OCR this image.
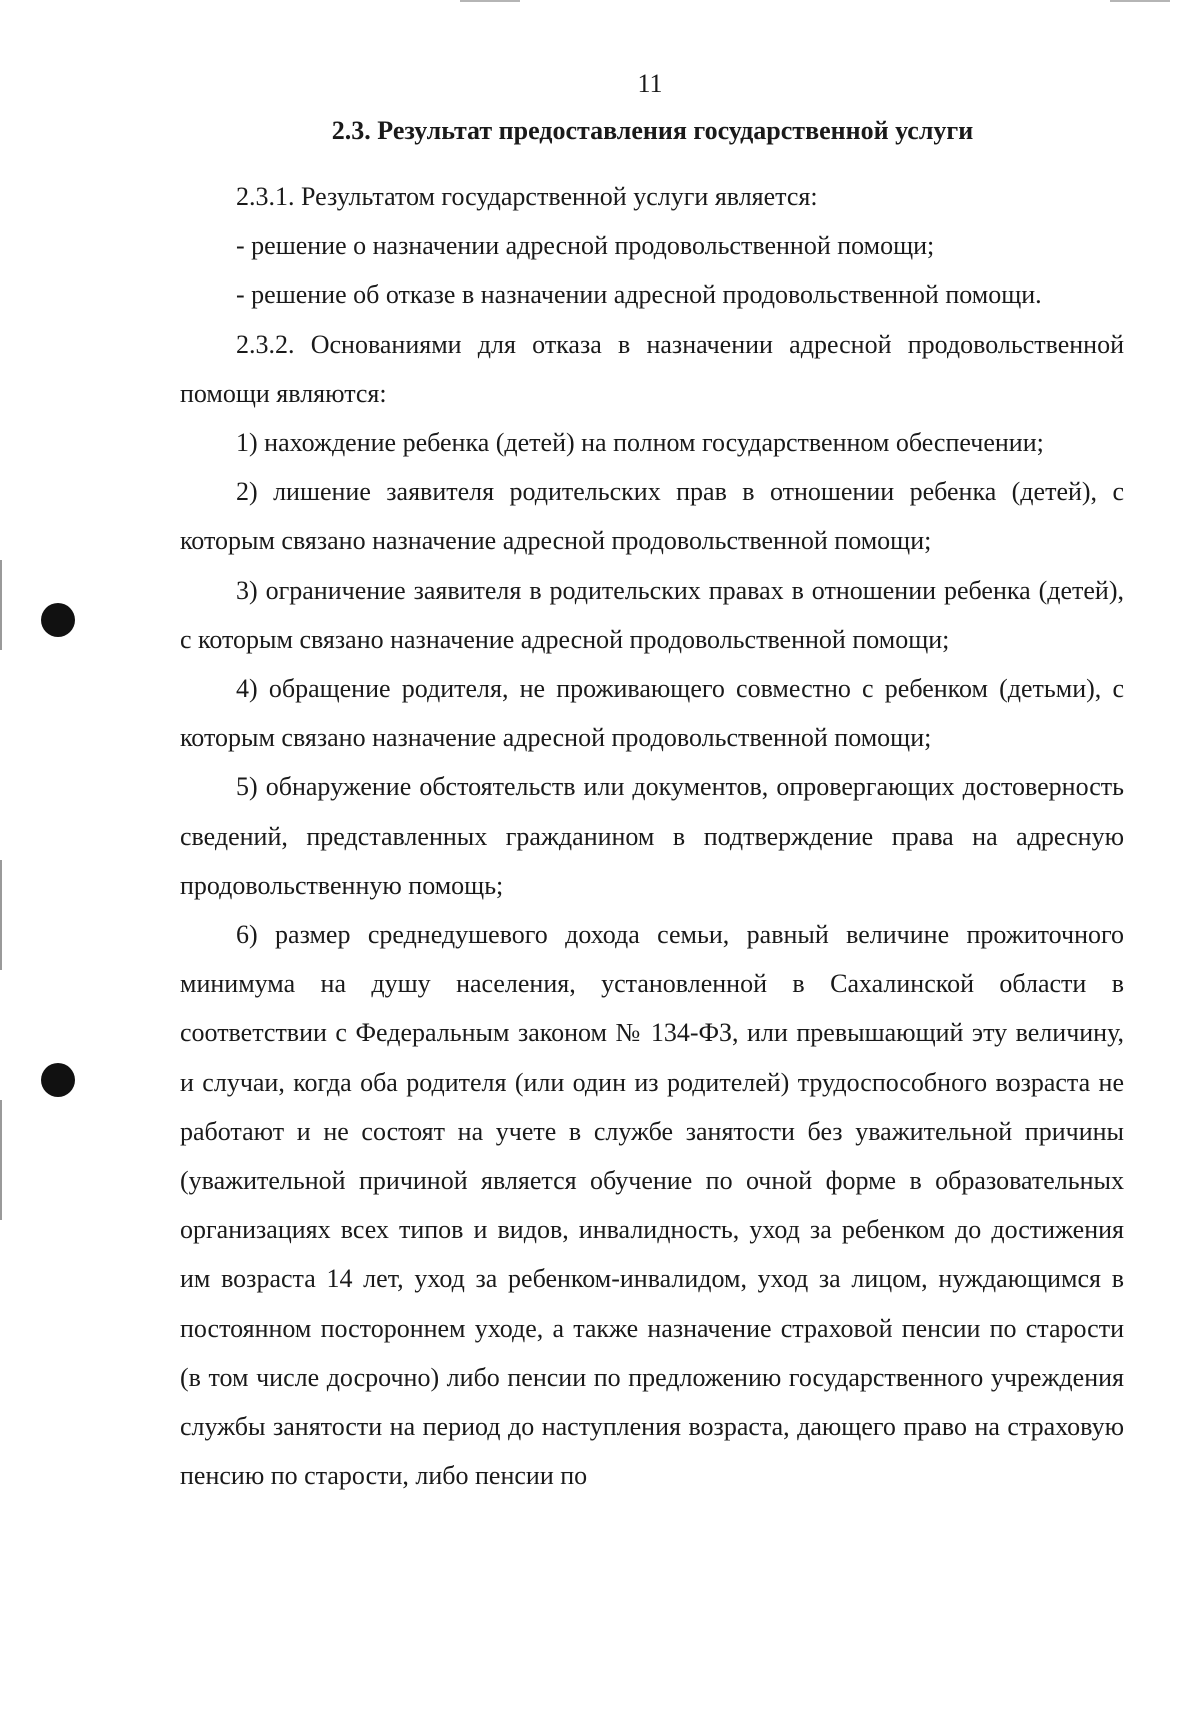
11
2.3. Результат предоставления государственной услуги

2.3.1. Результатом государственной услуги является:

- решение о назначении адресной продовольственной помощи;

- решение об отказе в назначении адресной продовольственной помощи.

2.3.2. Основаниями для отказа в назначении адресной продовольственной помощи являются:

1) нахождение ребенка (детей) на полном государственном обеспечении;

2) лишение заявителя родительских прав в отношении ребенка (детей), с которым связано назначение адресной продовольственной помощи;

3) ограничение заявителя в родительских правах в отношении ребенка (детей), с которым связано назначение адресной продовольственной помощи;

4) обращение родителя, не проживающего совместно с ребенком (детьми), с которым связано назначение адресной продовольственной помощи;

5) обнаружение обстоятельств или документов, опровергающих достоверность сведений, представленных гражданином в подтверждение права на адресную продовольственную помощь;

6) размер среднедушевого дохода семьи, равный величине прожиточного минимума на душу населения, установленной в Сахалинской области в соответствии с Федеральным законом № 134-ФЗ, или превышающий эту величину, и случаи, когда оба родителя (или один из родителей) трудоспособного возраста не работают и не состоят на учете в службе занятости без уважительной причины (уважительной причиной является обучение по очной форме в образовательных организациях всех типов и видов, инвалидность, уход за ребенком до достижения им возраста 14 лет, уход за ребенком-инвалидом, уход за лицом, нуждающимся в постоянном постороннем уходе, а также назначение страховой пенсии по старости (в том числе досрочно) либо пенсии по предложению государственного учреждения службы занятости на период до наступления возраста, дающего право на страховую пенсию по старости, либо пенсии по
